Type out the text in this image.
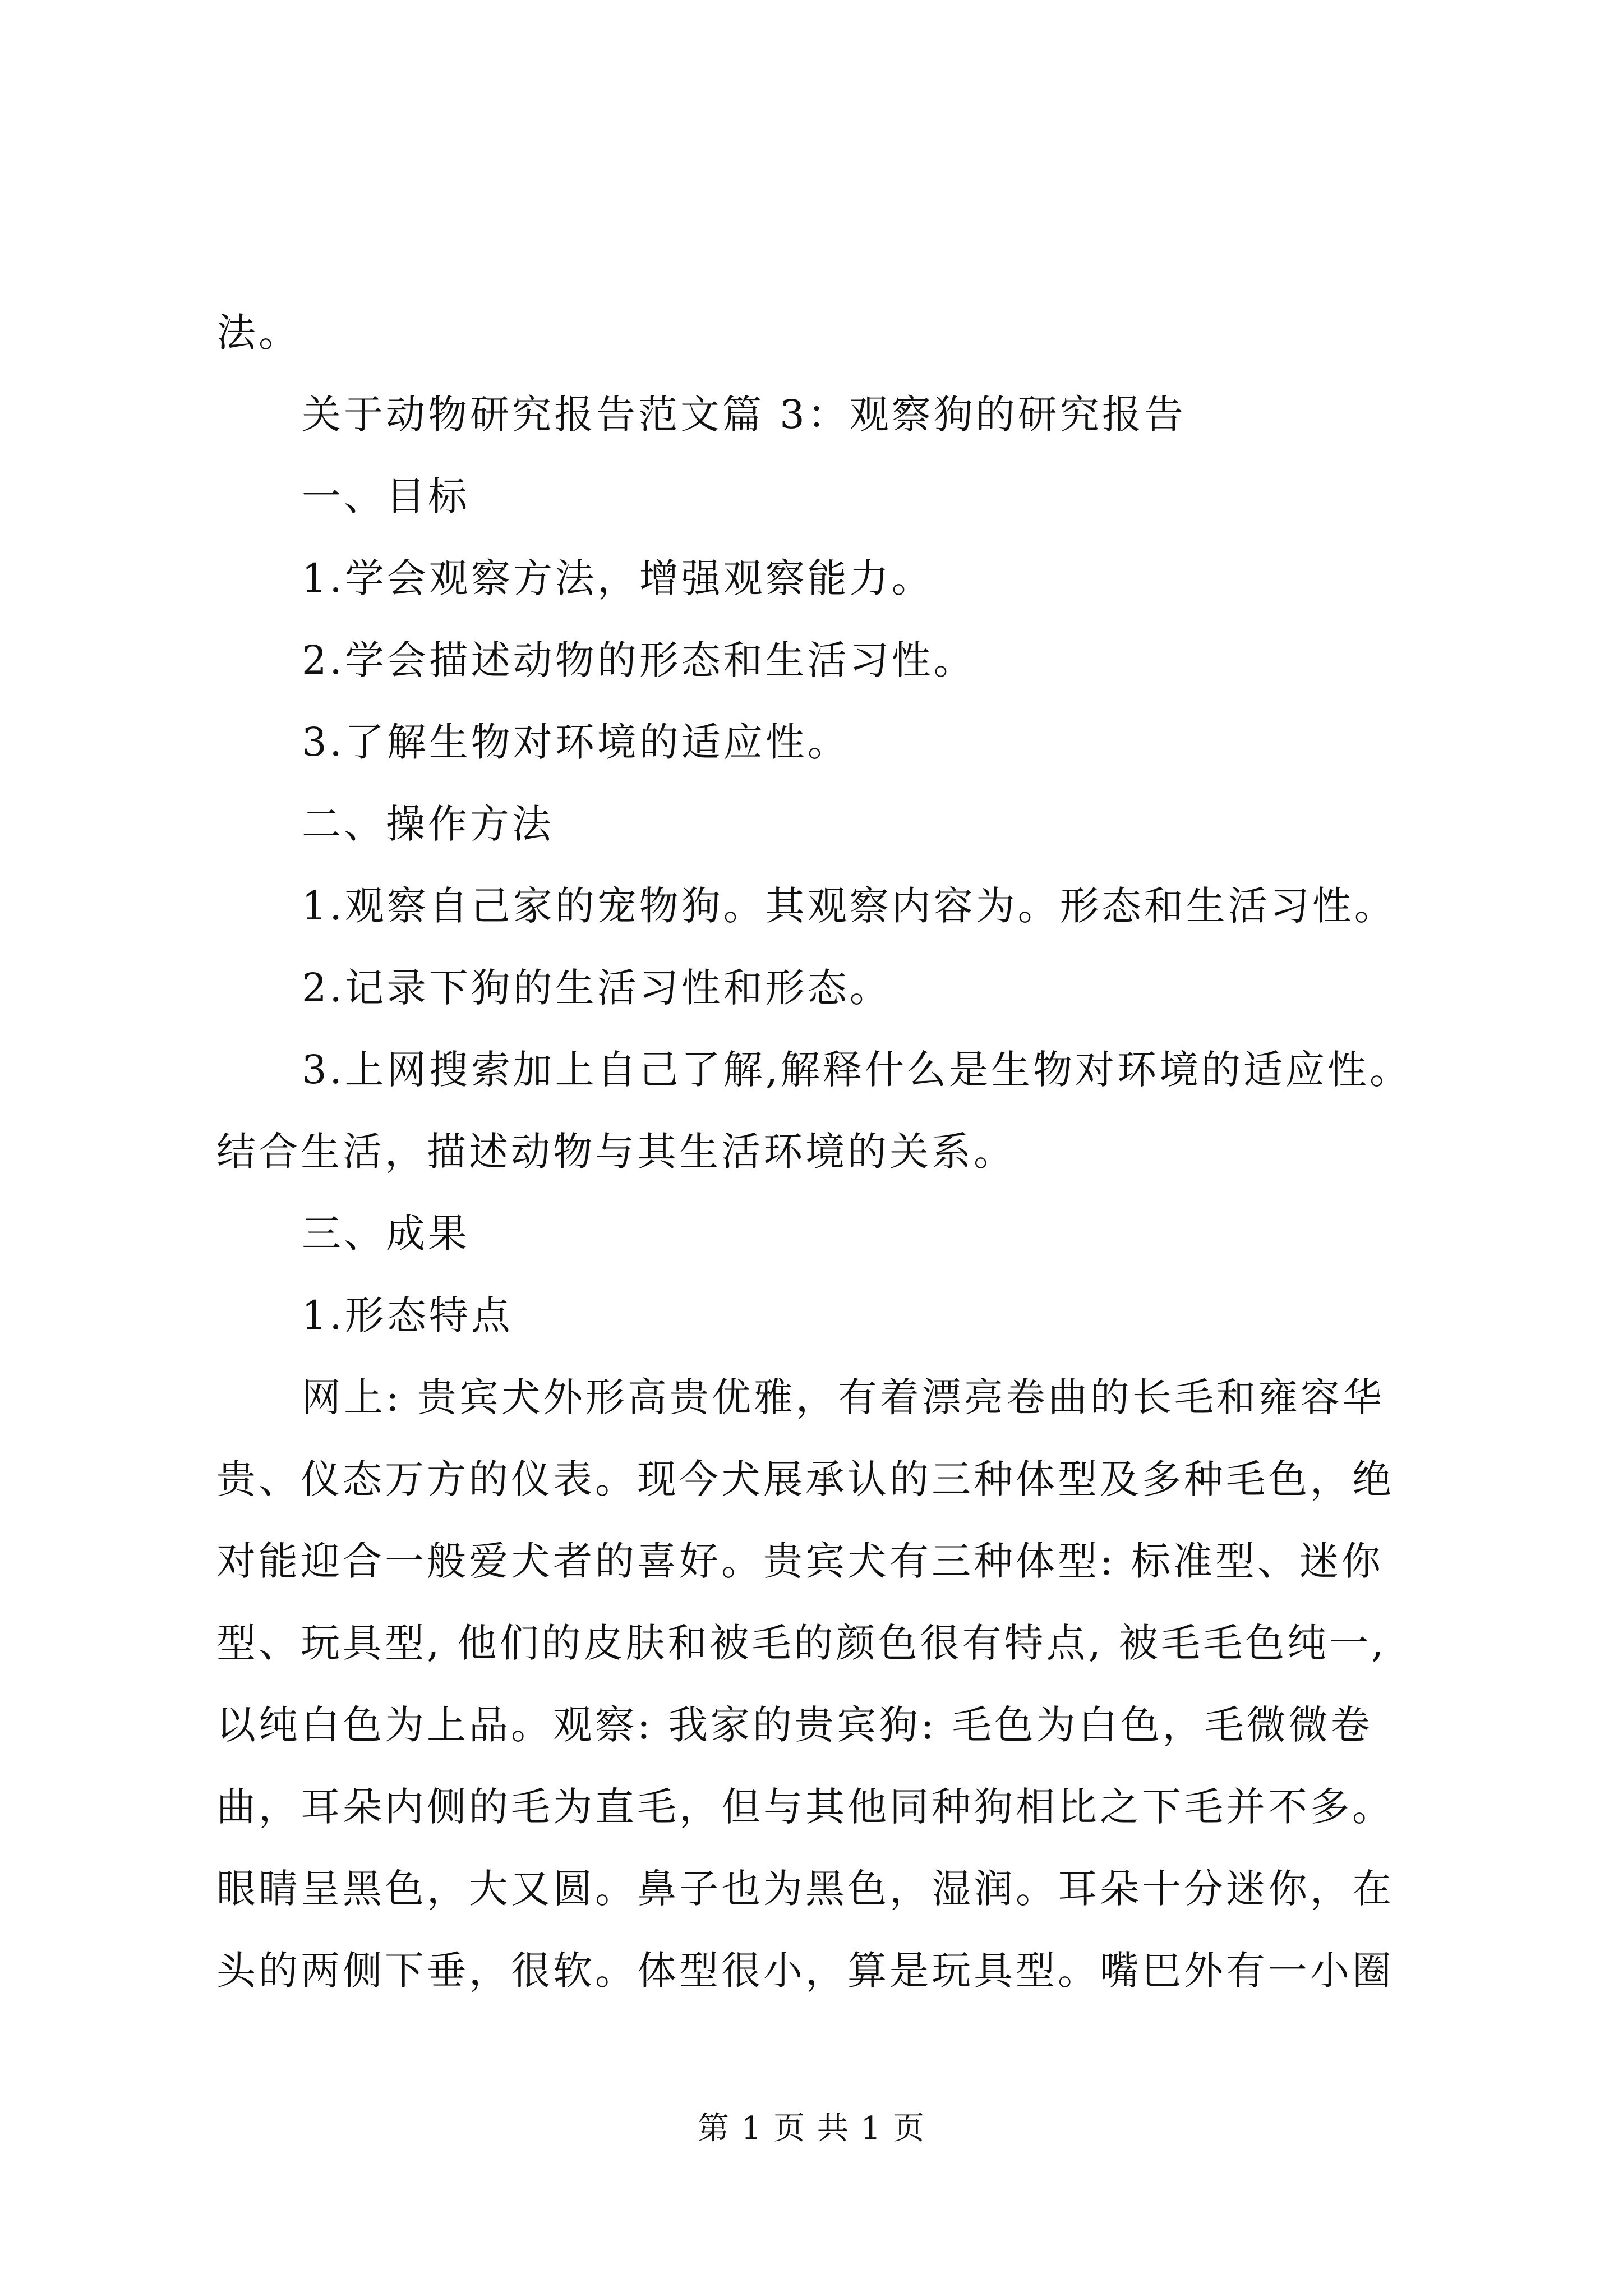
法。
关于动物研究报告范文篇 3：观察狗的研究报告
一、目标
1.学会观察方法，增强观察能力。
2.学会描述动物的形态和生活习性。
3.了解生物对环境的适应性。
二、操作方法
1.观察自己家的宠物狗。其观察内容为。形态和生活习性。
2.记录下狗的生活习性和形态。
3.上网搜索加上自己了解,解释什么是生物对环境的适应性。
结合生活，描述动物与其生活环境的关系。
三、成果
1.形态特点
网上: 贵宾犬外形高贵优雅，有着漂亮卷曲的长毛和雍容华
贵、仪态万方的仪表。现今犬展承认的三种体型及多种毛色，绝
对能迎合一般爱犬者的喜好。贵宾犬有三种体型: 标准型、迷你
型、玩具型, 他们的皮肤和被毛的颜色很有特点, 被毛毛色纯一,
以纯白色为上品。观察: 我家的贵宾狗: 毛色为白色，毛微微卷
曲，耳朵内侧的毛为直毛，但与其他同种狗相比之下毛并不多。
眼睛呈黑色，大又圆。鼻子也为黑色，湿润。耳朵十分迷你，在
头的两侧下垂，很软。体型很小，算是玩具型。嘴巴外有一小圈
第 1 页 共 1 页
